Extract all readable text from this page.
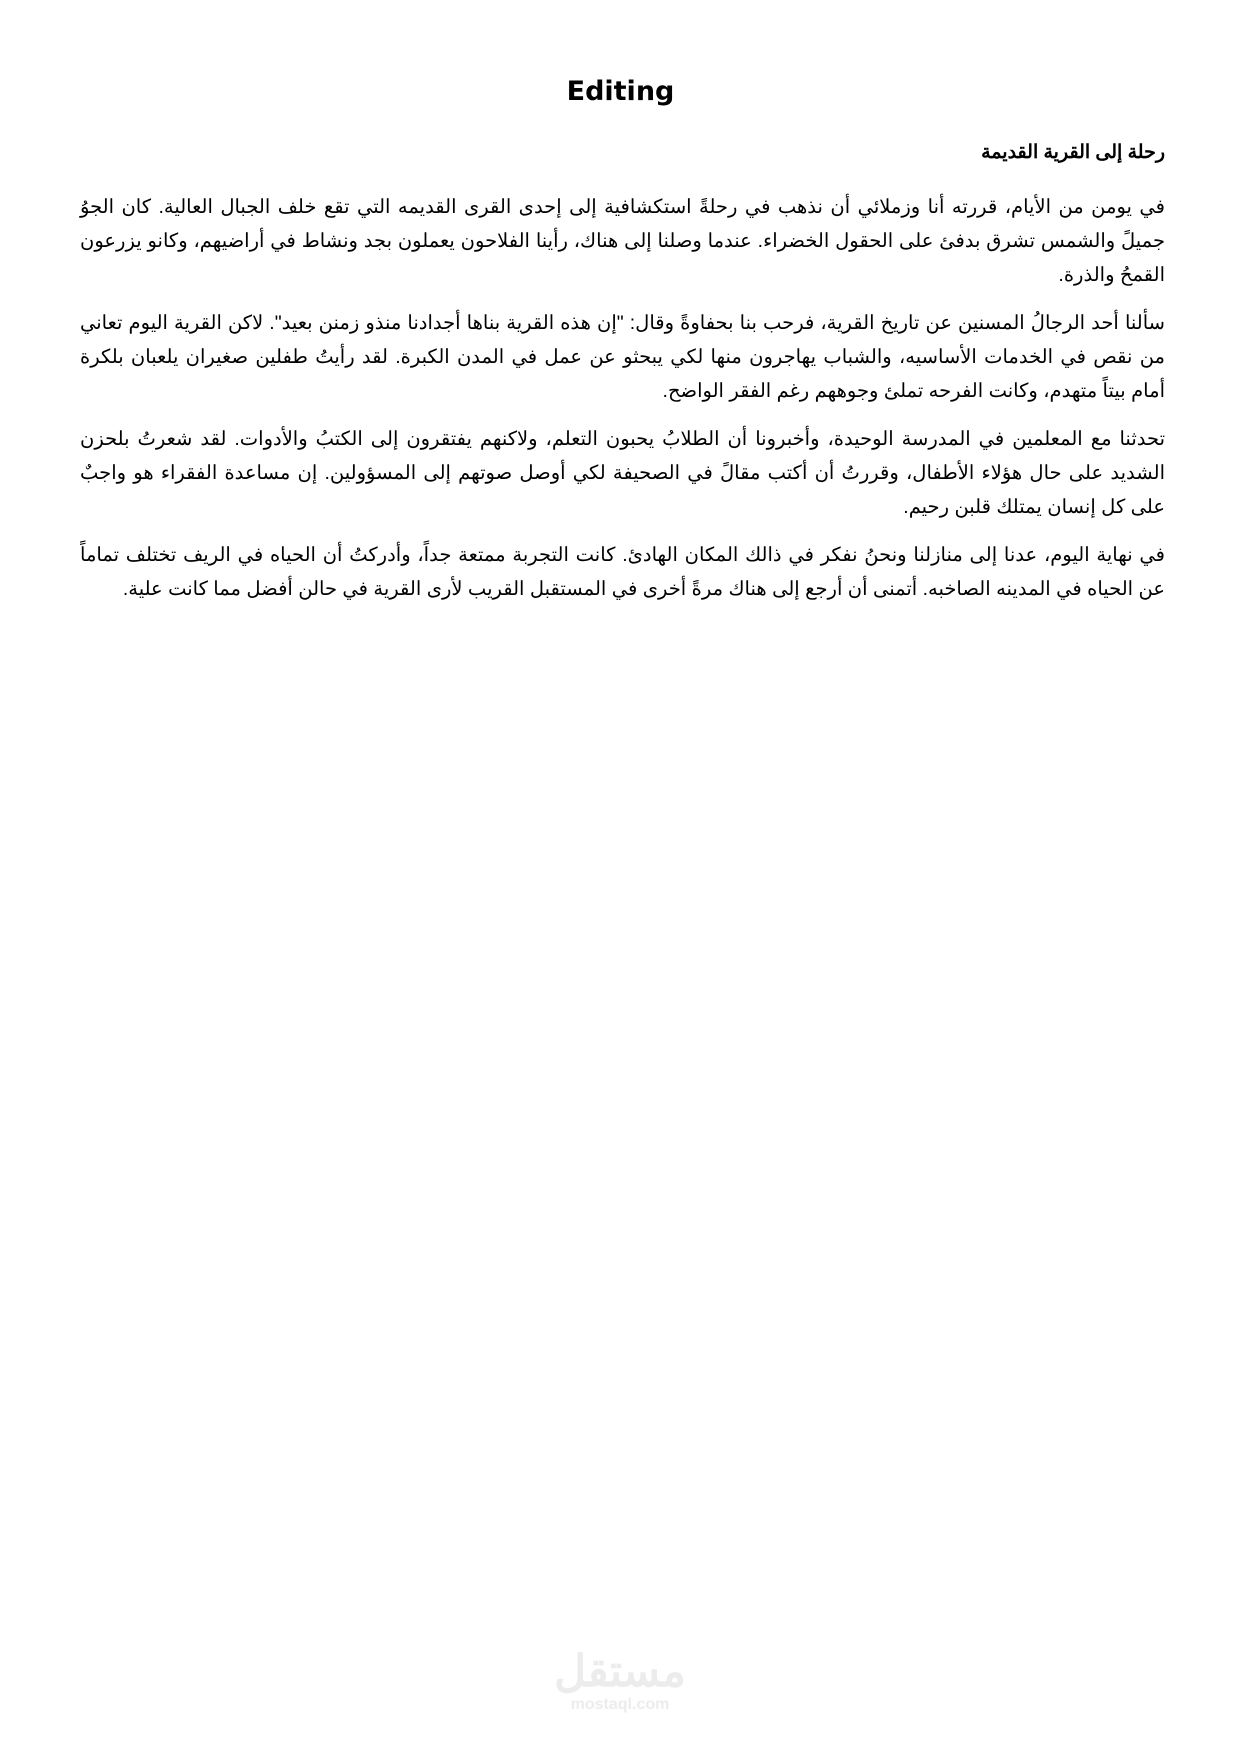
Editing
رحلة إلى القرية القديمة

في يومن من الأيام، قررته أنا وزملائي أن نذهب في رحلةً استكشافية إلى إحدى القرى القديمه التي تقع خلف الجبال العالية. كان الجوُ جميلً والشمس تشرق بدفئ على الحقول الخضراء. عندما وصلنا إلى هناك، رأينا الفلاحون يعملون بجد ونشاط في أراضيهم، وكانو يزرعون القمحُ والذرة.

سألنا أحد الرجالُ المسنين عن تاريخ القرية، فرحب بنا بحفاوةً وقال: "إن هذه القرية بناها أجدادنا منذو زمنن بعيد". لاكن القرية اليوم تعاني من نقص في الخدمات الأساسيه، والشباب يهاجرون منها لكي يبحثو عن عمل في المدن الكبرة. لقد رأيتُ طفلين صغيران يلعبان بلكرة أمام بيتاً متهدم، وكانت الفرحه تملئ وجوههم رغم الفقر الواضح.

تحدثنا مع المعلمين في المدرسة الوحيدة، وأخبرونا أن الطلابُ يحبون التعلم، ولاكنهم يفتقرون إلى الكتبُ والأدوات. لقد شعرتُ بلحزن الشديد على حال هؤلاء الأطفال، وقررتُ أن أكتب مقالً في الصحيفة لكي أوصل صوتهم إلى المسؤولين. إن مساعدة الفقراء هو واجبٌ على كل إنسان يمتلك قلبن رحيم.

في نهاية اليوم، عدنا إلى منازلنا ونحنُ نفكر في ذالك المكان الهادئ. كانت التجربة ممتعة جداً، وأدركتُ أن الحياه في الريف تختلف تماماً عن الحياه في المدينه الصاخبه. أتمنى أن أرجع إلى هناك مرةً أخرى في المستقبل القريب لأرى القرية في حالن أفضل مما كانت علية.

مستقل
mostaql.com
